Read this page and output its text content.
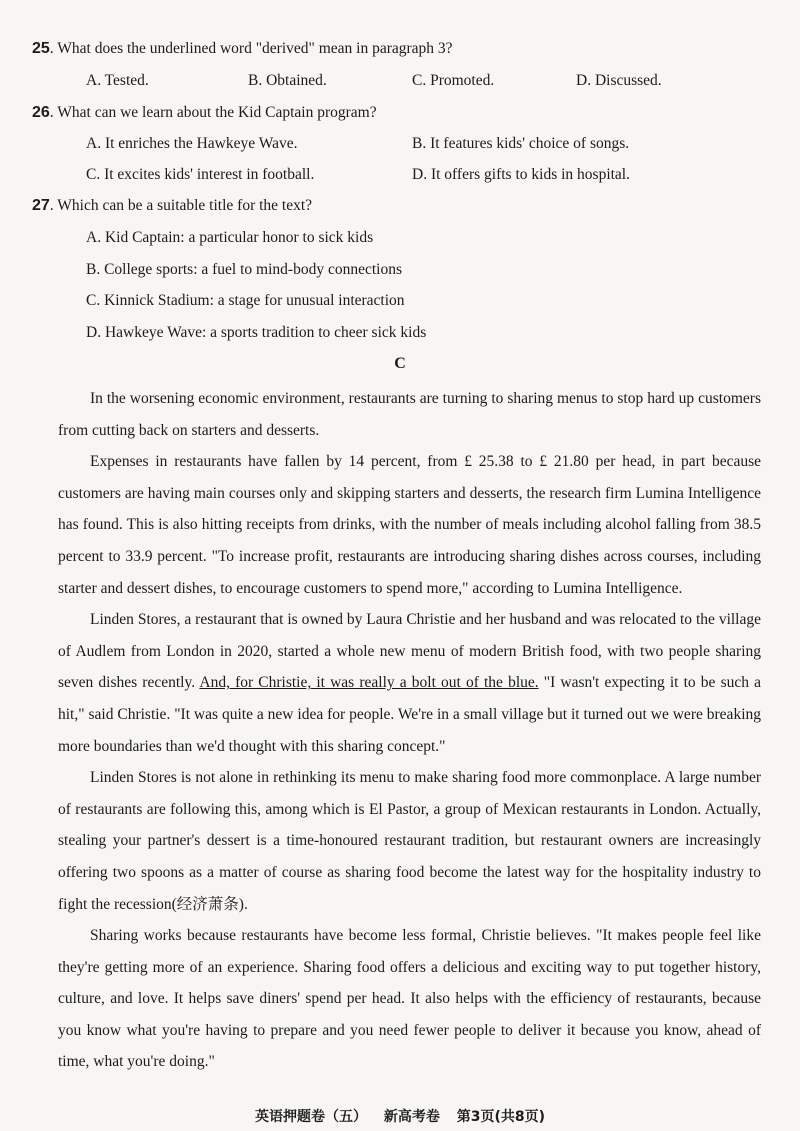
25. What does the underlined word "derived" mean in paragraph 3?
A. Tested.	B. Obtained.	C. Promoted.	D. Discussed.
26. What can we learn about the Kid Captain program?
A. It enriches the Hawkeye Wave.	B. It features kids' choice of songs.
C. It excites kids' interest in football.	D. It offers gifts to kids in hospital.
27. Which can be a suitable title for the text?
A. Kid Captain: a particular honor to sick kids
B. College sports: a fuel to mind-body connections
C. Kinnick Stadium: a stage for unusual interaction
D. Hawkeye Wave: a sports tradition to cheer sick kids
C

In the worsening economic environment, restaurants are turning to sharing menus to stop hard up customers from cutting back on starters and desserts.

Expenses in restaurants have fallen by 14 percent, from £ 25.38 to £ 21.80 per head, in part because customers are having main courses only and skipping starters and desserts, the research firm Lumina Intelligence has found. This is also hitting receipts from drinks, with the number of meals including alcohol falling from 38.5 percent to 33.9 percent. "To increase profit, restaurants are introducing sharing dishes across courses, including starter and dessert dishes, to encourage customers to spend more," according to Lumina Intelligence.

Linden Stores, a restaurant that is owned by Laura Christie and her husband and was relocated to the village of Audlem from London in 2020, started a whole new menu of modern British food, with two people sharing seven dishes recently. And, for Christie, it was really a bolt out of the blue. "I wasn't expecting it to be such a hit," said Christie. "It was quite a new idea for people. We're in a small village but it turned out we were breaking more boundaries than we'd thought with this sharing concept."

Linden Stores is not alone in rethinking its menu to make sharing food more commonplace. A large number of restaurants are following this, among which is El Pastor, a group of Mexican restaurants in London. Actually, stealing your partner's dessert is a time-honoured restaurant tradition, but restaurant owners are increasingly offering two spoons as a matter of course as sharing food become the latest way for the hospitality industry to fight the recession(经济萧条).

Sharing works because restaurants have become less formal, Christie believes. "It makes people feel like they're getting more of an experience. Sharing food offers a delicious and exciting way to put together history, culture, and love. It helps save diners' spend per head. It also helps with the efficiency of restaurants, because you know what you're having to prepare and you need fewer people to deliver it because you know, ahead of time, what you're doing."

英语押题卷（五） 新高考卷 第3页(共8页)
